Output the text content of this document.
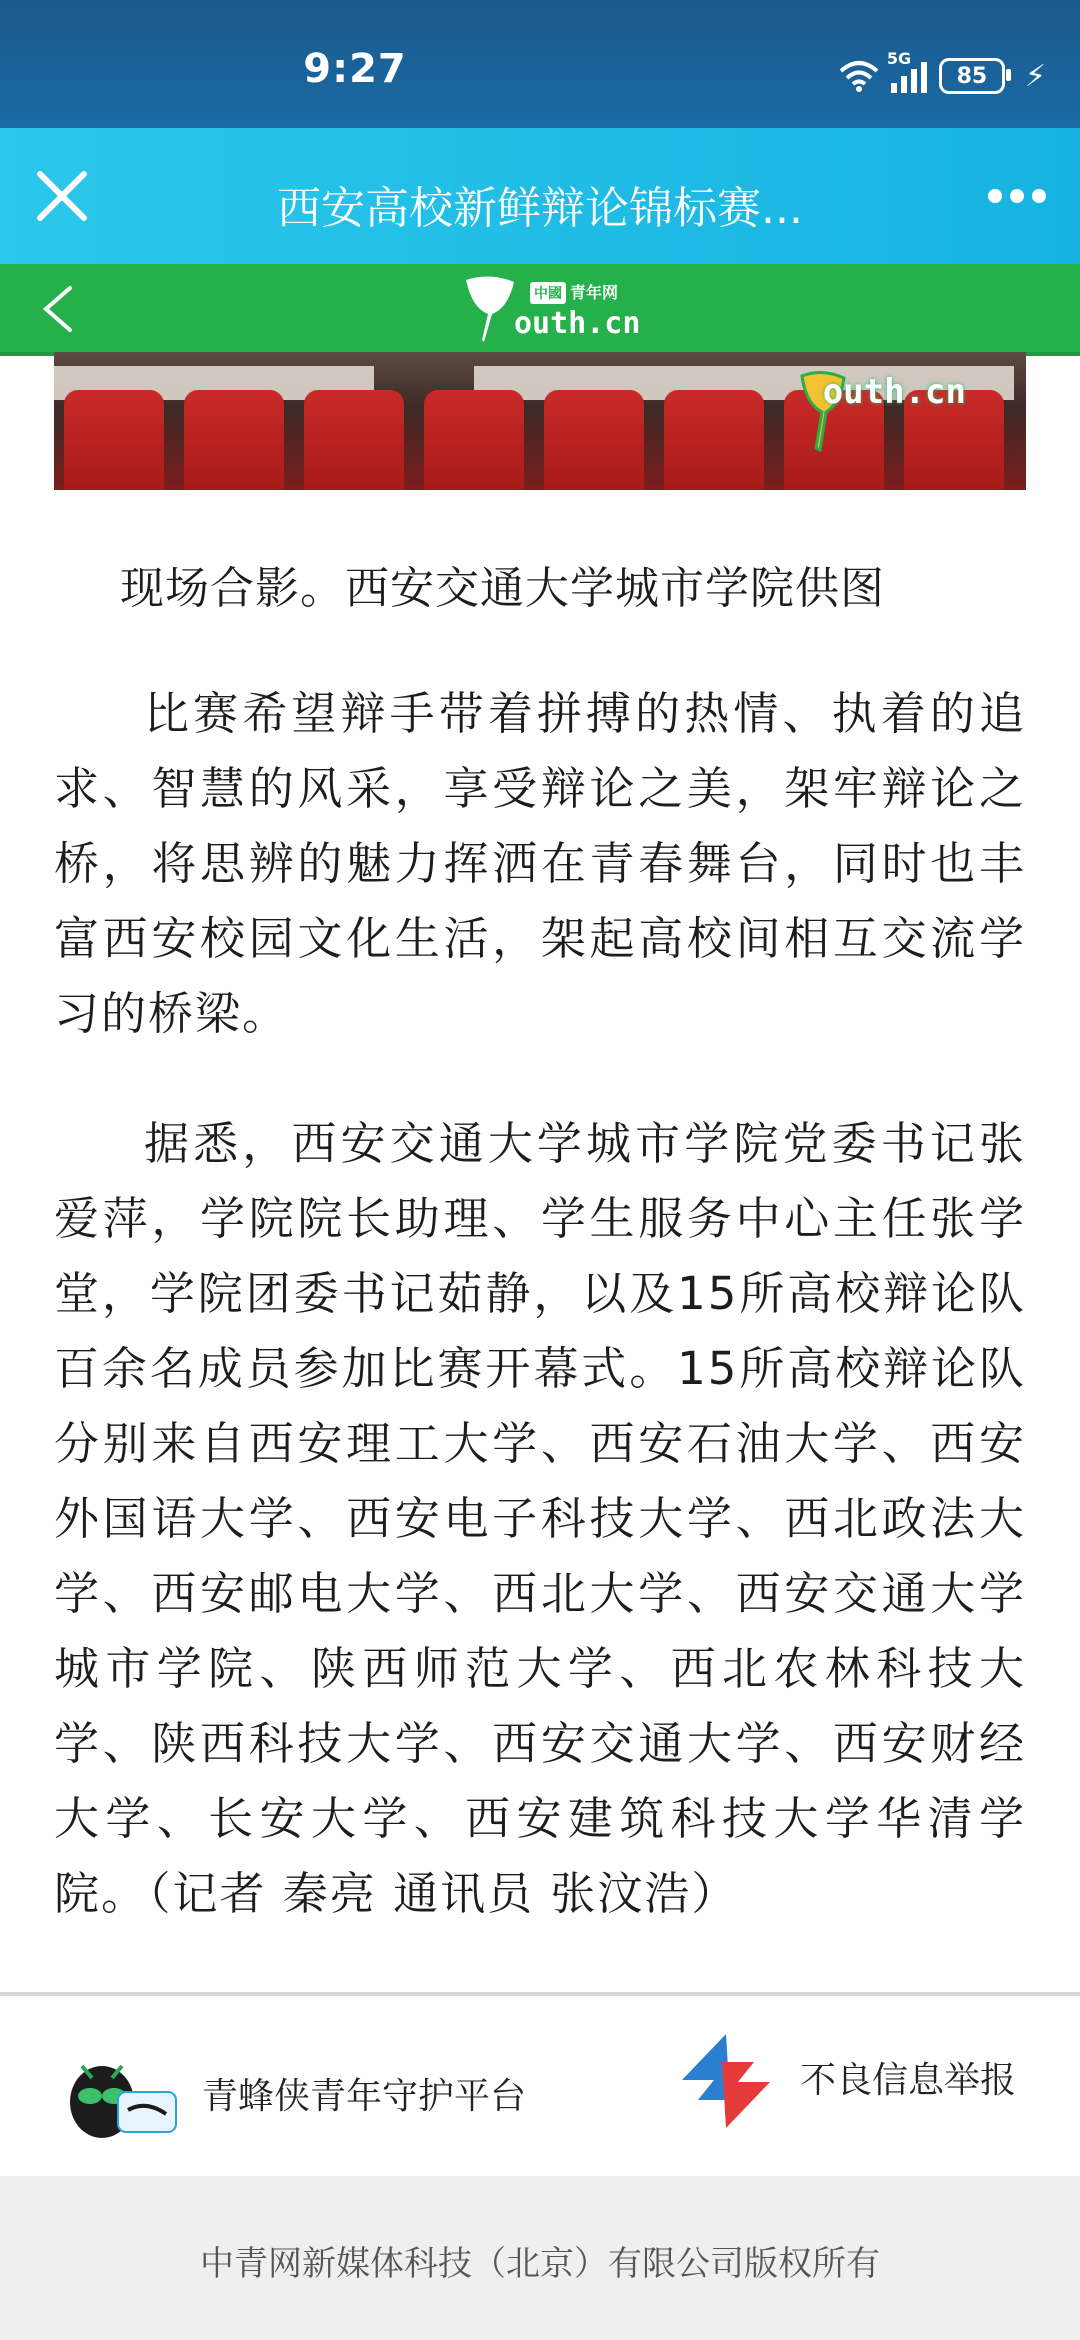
9:27	5G
85 ⚡
西安高校新鲜辩论锦标赛...
中國 青年网
outh.cn
outh.cn
现场合影。西安交通大学城市学院供图
比赛希望辩手带着拼搏的热情、执着的追求、智慧的风采，享受辩论之美，架牢辩论之桥，将思辨的魅力挥洒在青春舞台，同时也丰富西安校园文化生活，架起高校间相互交流学习的桥梁。
据悉，西安交通大学城市学院党委书记张爱萍，学院院长助理、学生服务中心主任张学堂，学院团委书记茹静，以及15所高校辩论队百余名成员参加比赛开幕式。15所高校辩论队分别来自西安理工大学、西安石油大学、西安外国语大学、西安电子科技大学、西北政法大学、西安邮电大学、西北大学、西安交通大学城市学院、陕西师范大学、西北农林科技大学、陕西科技大学、西安交通大学、西安财经大学、长安大学、西安建筑科技大学华清学院。（记者 秦亮 通讯员 张汶浩）
青蜂侠青年守护平台	不良信息举报
中青网新媒体科技（北京）有限公司版权所有
